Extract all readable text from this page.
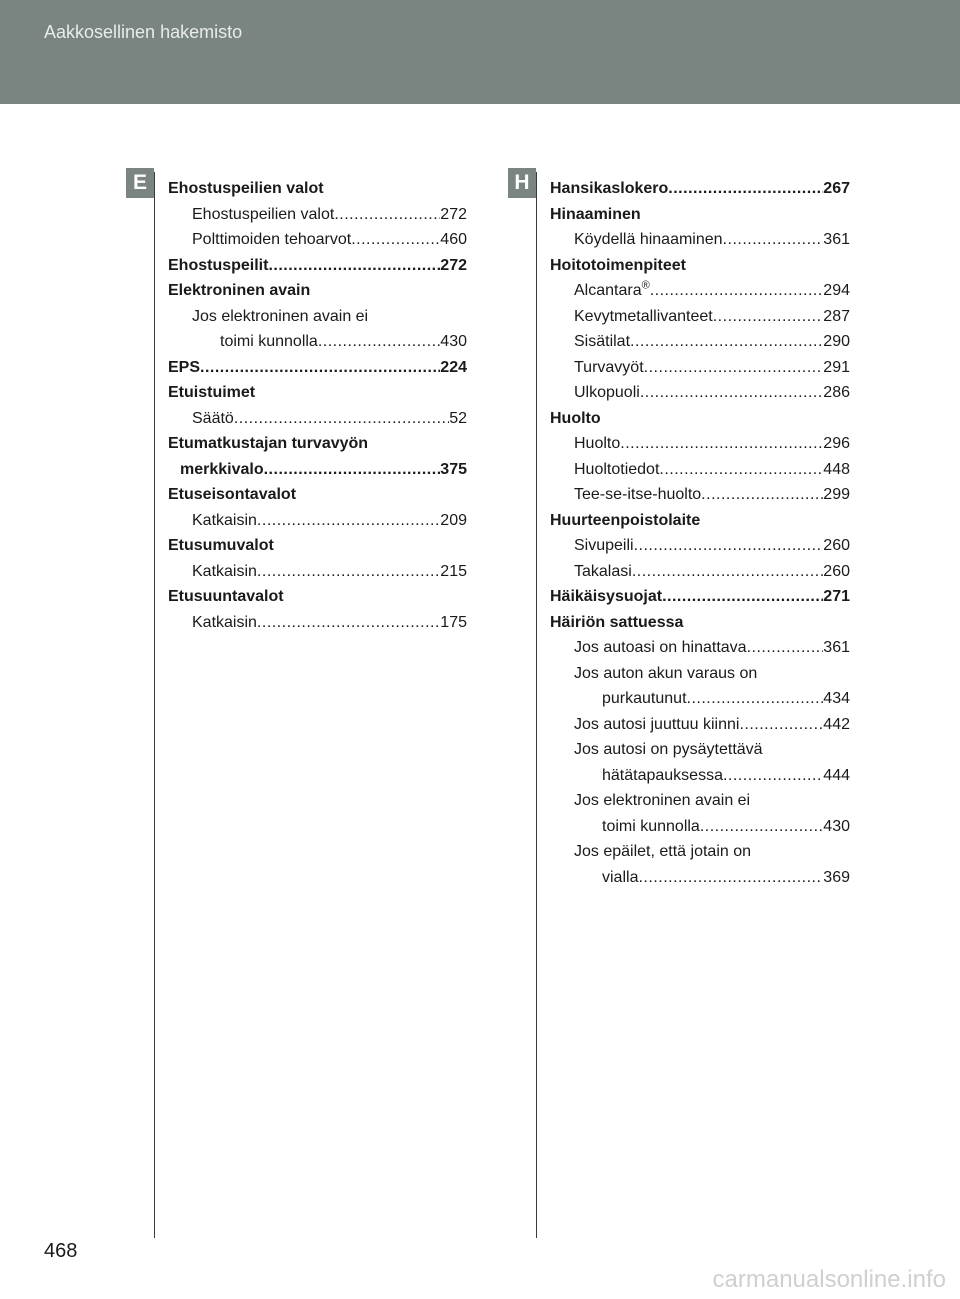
Aakkosellinen hakemisto
E	H
Ehostuspeilien valot
Ehostuspeilien valot .....	272
Polttimoiden tehoarvot .....	460
Ehostuspeilit .....	272
Elektroninen avain
Jos elektroninen avain ei
toimi kunnolla .....	430
EPS .....	224
Etuistuimet
Säätö .....	52
Etumatkustajan turvavyön
merkkivalo .....	375
Etuseisontavalot
Katkaisin .....	209
Etusumuvalot
Katkaisin .....	215
Etusuuntavalot
Katkaisin .....	175
Hansikaslokero .....	267
Hinaaminen
Köydellä hinaaminen .....	361
Hoitotoimenpiteet
Alcantara® .....	294
Kevytmetallivanteet .....	287
Sisätilat .....	290
Turvavyöt .....	291
Ulkopuoli .....	286
Huolto
Huolto .....	296
Huoltotiedot .....	448
Tee-se-itse-huolto .....	299
Huurteenpoistolaite
Sivupeili .....	260
Takalasi .....	260
Häikäisysuojat .....	271
Häiriön sattuessa
Jos autoasi on hinattava .....	361
Jos auton akun varaus on
purkautunut .....	434
Jos autosi juuttuu kiinni .....	442
Jos autosi on pysäytettävä
hätätapauksessa .....	444
Jos elektroninen avain ei
toimi kunnolla .....	430
Jos epäilet, että jotain on
vialla .....	369
468
carmanualsonline.info
